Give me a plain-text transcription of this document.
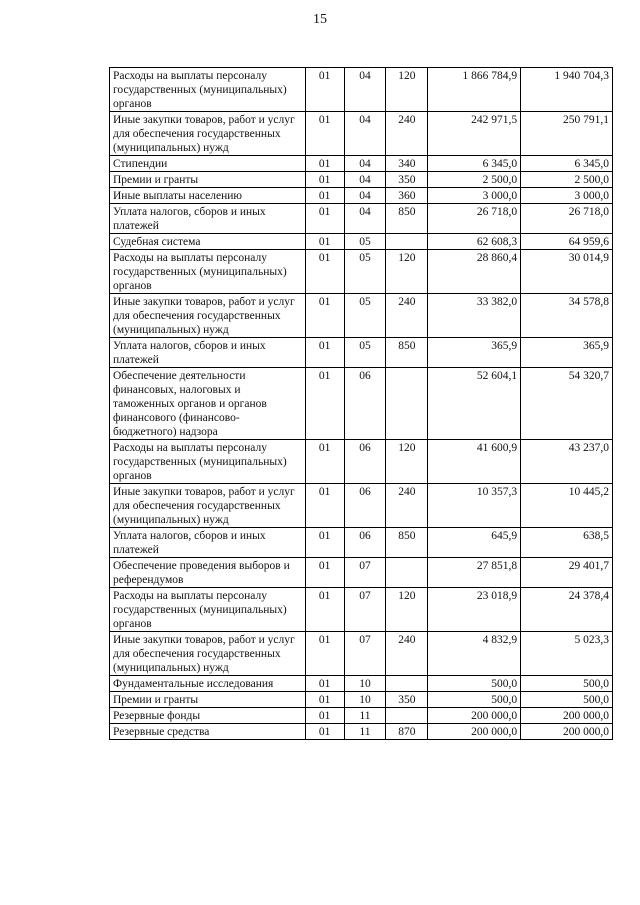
15
Расходы на выплаты персоналу государственных (муниципальных) органов	01	04	120	1 866 784,9	1 940 704,3
Иные закупки товаров, работ и услуг для обеспечения государственных (муниципальных) нужд	01	04	240	242 971,5	250 791,1
Стипендии	01	04	340	6 345,0	6 345,0
Премии и гранты	01	04	350	2 500,0	2 500,0
Иные выплаты населению	01	04	360	3 000,0	3 000,0
Уплата налогов, сборов и иных платежей	01	04	850	26 718,0	26 718,0
Судебная система	01	05		62 608,3	64 959,6
Расходы на выплаты персоналу государственных (муниципальных) органов	01	05	120	28 860,4	30 014,9
Иные закупки товаров, работ и услуг для обеспечения государственных (муниципальных) нужд	01	05	240	33 382,0	34 578,8
Уплата налогов, сборов и иных платежей	01	05	850	365,9	365,9
Обеспечение деятельности финансовых, налоговых и таможенных органов и органов финансового (финансово-бюджетного) надзора	01	06		52 604,1	54 320,7
Расходы на выплаты персоналу государственных (муниципальных) органов	01	06	120	41 600,9	43 237,0
Иные закупки товаров, работ и услуг для обеспечения государственных (муниципальных) нужд	01	06	240	10 357,3	10 445,2
Уплата налогов, сборов и иных платежей	01	06	850	645,9	638,5
Обеспечение проведения выборов и референдумов	01	07		27 851,8	29 401,7
Расходы на выплаты персоналу государственных (муниципальных) органов	01	07	120	23 018,9	24 378,4
Иные закупки товаров, работ и услуг для обеспечения государственных (муниципальных) нужд	01	07	240	4 832,9	5 023,3
Фундаментальные исследования	01	10		500,0	500,0
Премии и гранты	01	10	350	500,0	500,0
Резервные фонды	01	11		200 000,0	200 000,0
Резервные средства	01	11	870	200 000,0	200 000,0
